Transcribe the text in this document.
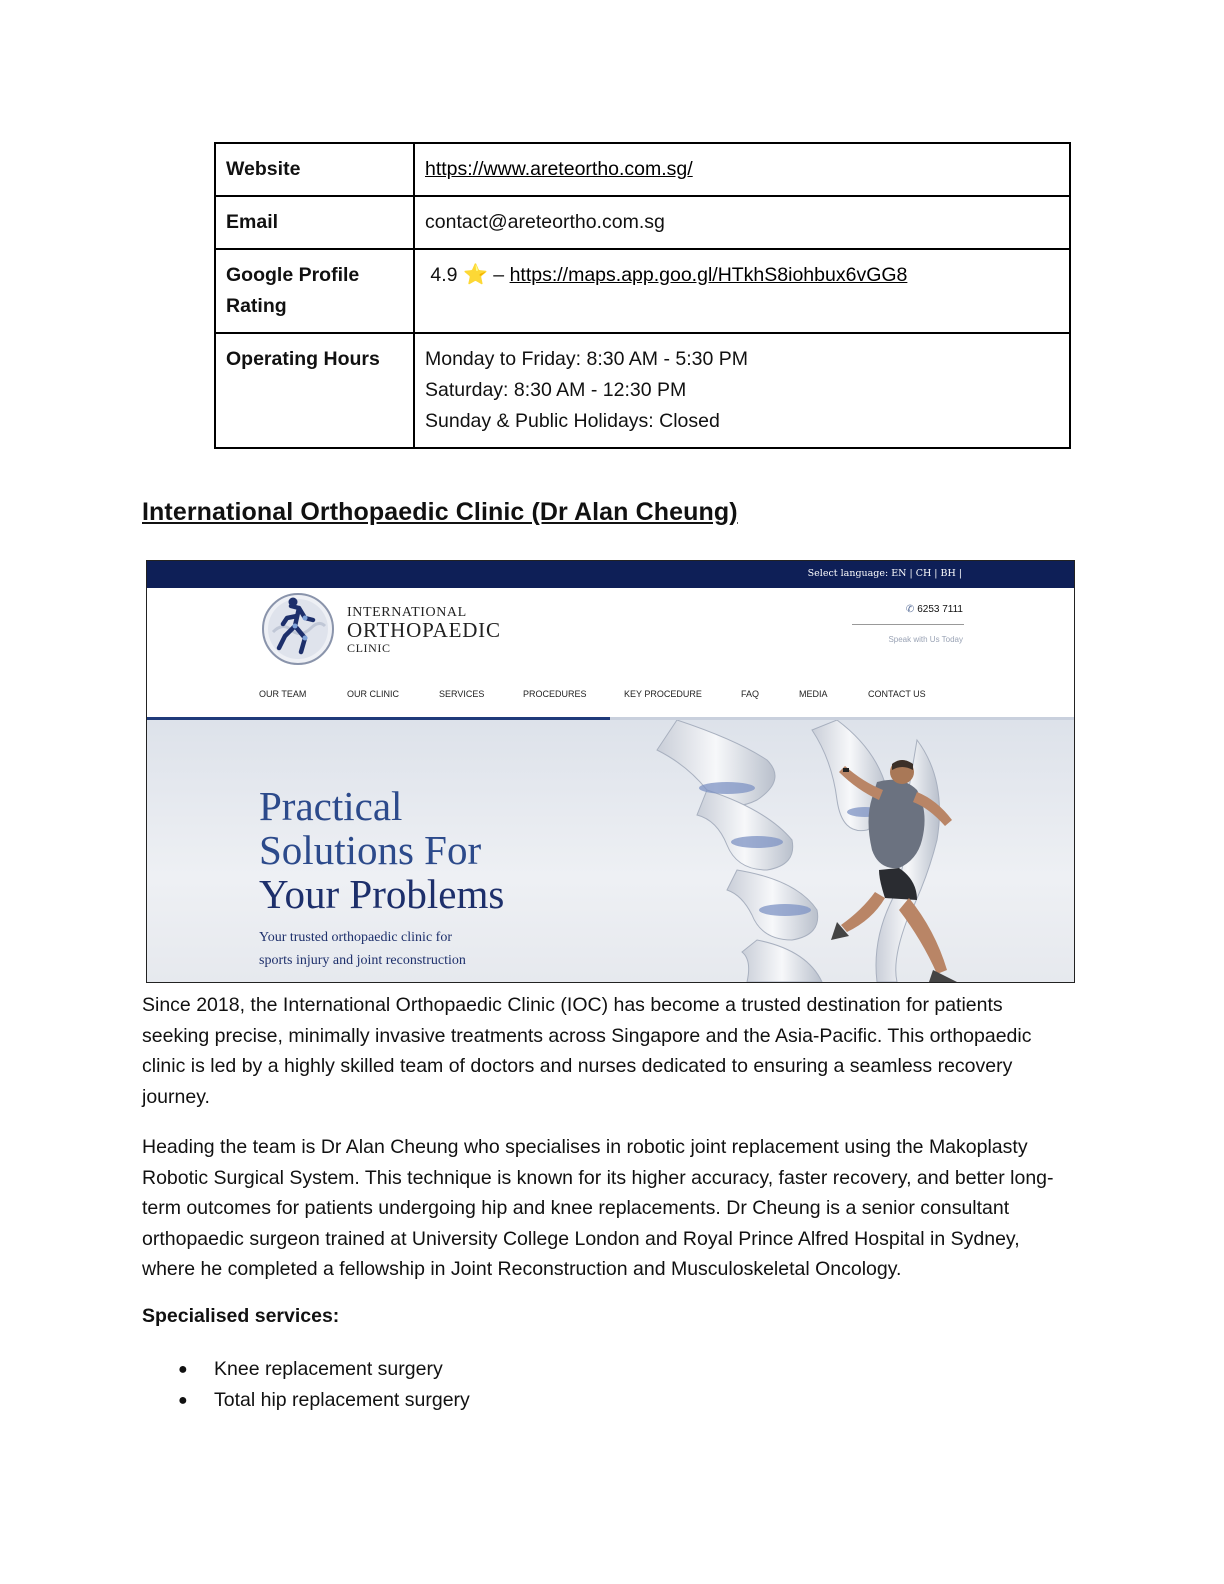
Website	https://www.areteortho.com.sg/
Email	contact@areteortho.com.sg
Google Profile Rating	4.9 ⭐ – https://maps.app.goo.gl/HTkhS8iohbux6vGG8
Operating Hours	Monday to Friday: 8:30 AM - 5:30 PM
Saturday: 8:30 AM - 12:30 PM
Sunday & Public Holidays: Closed
International Orthopaedic Clinic (Dr Alan Cheung)
Select language: EN | CH | BH |
INTERNATIONAL
ORTHOPAEDIC
CLINIC
✆ 6253 7111
Speak with Us Today
OUR TEAM	OUR CLINIC	SERVICES	PROCEDURES	KEY PROCEDURE	FAQ	MEDIA	CONTACT US
Practical
Solutions For
Your Problems
Your trusted orthopaedic clinic for
sports injury and joint reconstruction

Since 2018, the International Orthopaedic Clinic (IOC) has become a trusted destination for patients seeking precise, minimally invasive treatments across Singapore and the Asia-Pacific. This orthopaedic clinic is led by a highly skilled team of doctors and nurses dedicated to ensuring a seamless recovery journey.

Heading the team is Dr Alan Cheung who specialises in robotic joint replacement using the Makoplasty Robotic Surgical System. This technique is known for its higher accuracy, faster recovery, and better long-term outcomes for patients undergoing hip and knee replacements. Dr Cheung is a senior consultant orthopaedic surgeon trained at University College London and Royal Prince Alfred Hospital in Sydney, where he completed a fellowship in Joint Reconstruction and Musculoskeletal Oncology.

Specialised services:

● Knee replacement surgery
● Total hip replacement surgery
